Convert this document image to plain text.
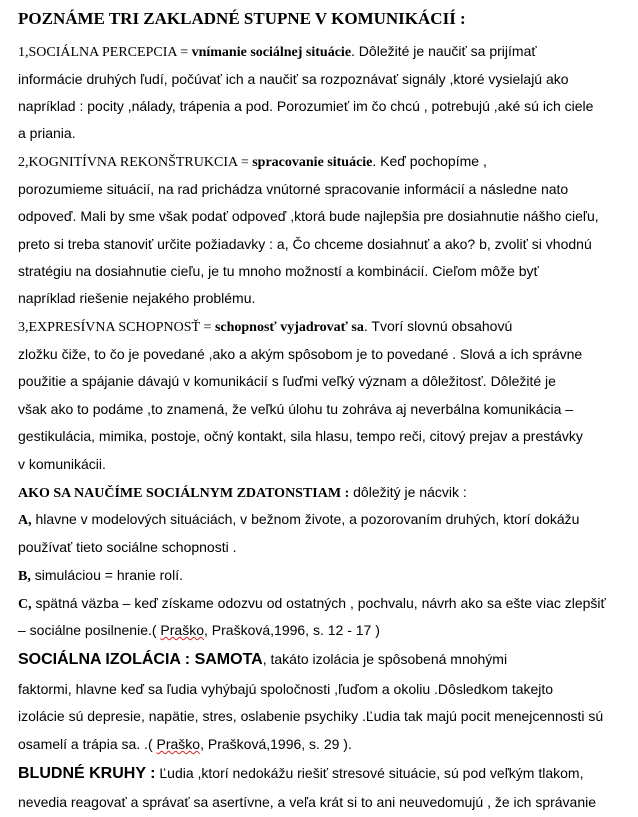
POZNÁME TRI ZAKLADNÉ STUPNE V KOMUNIKÁCIÍ :
1,SOCIÁLNA PERCEPCIA = vnímanie sociálnej situácie. Dôležité je naučiť sa prijímať
informácie druhých ľudí, počúvať ich a naučiť sa rozpoznávať signály ,ktoré vysielajú ako
napríklad : pocity ,nálady, trápenia a pod. Porozumieť im čo chcú , potrebujú ,aké sú ich ciele
a priania.
2,KOGNITÍVNA REKONŠTRUKCIA = spracovanie situácie. Keď pochopíme ,
porozumieme situácií, na rad prichádza vnútorné spracovanie informácií a následne nato
odpoveď. Mali by sme však podať odpoveď ,ktorá bude najlepšia pre dosiahnutie nášho cieľu,
preto si treba stanoviť určite požiadavky : a, Čo chceme dosiahnuť a ako? b, zvoliť si vhodnú
stratégiu na dosiahnutie cieľu, je tu mnoho možností a kombinácií. Cieľom môže byť
napríklad riešenie nejakého problému.
3,EXPRESÍVNA SCHOPNOSŤ = schopnosť vyjadrovať sa. Tvorí slovnú obsahovú
zložku čiže, to čo je povedané ,ako a akým spôsobom je to povedané . Slová a ich správne
použitie a spájanie dávajú v komunikácií s ľuďmi veľký význam a dôležitosť. Dôležité je
však ako to podáme ,to znamená, že veľkú úlohu tu zohráva aj neverbálna komunikácia –
gestikulácia, mimika, postoje, očný kontakt, sila hlasu, tempo reči, citový prejav a prestávky
v komunikácii.
AKO SA NAUČÍME SOCIÁLNYM ZDATONSTIAM : dôležitý je nácvik :
A, hlavne v modelových situáciách, v bežnom živote, a pozorovaním druhých, ktorí dokážu
používať tieto sociálne schopnosti .
B, simuláciou = hranie rolí.
C, spätná väzba – keď získame odozvu od ostatných , pochvalu, návrh ako sa ešte viac zlepšiť
– sociálne posilnenie.( Praško, Prašková,1996, s. 12 - 17 )
SOCIÁLNA IZOLÁCIA : SAMOTA, takáto izolácia je spôsobená mnohými
faktormi, hlavne keď sa ľudia vyhýbajú spoločnosti ,ľuďom a okoliu .Dôsledkom takejto
izolácie sú depresie, napätie, stres, oslabenie psychiky .Ľudia tak majú pocit menejcennosti sú
osamelí a trápia sa. .( Praško, Prašková,1996, s. 29 ).
BLUDNÉ KRUHY : Ľudia ,ktorí nedokážu riešiť stresové situácie, sú pod veľkým tlakom,
nevedia reagovať a správať sa asertívne, a veľa krát si to ani neuvedomujú , že ich správanie
